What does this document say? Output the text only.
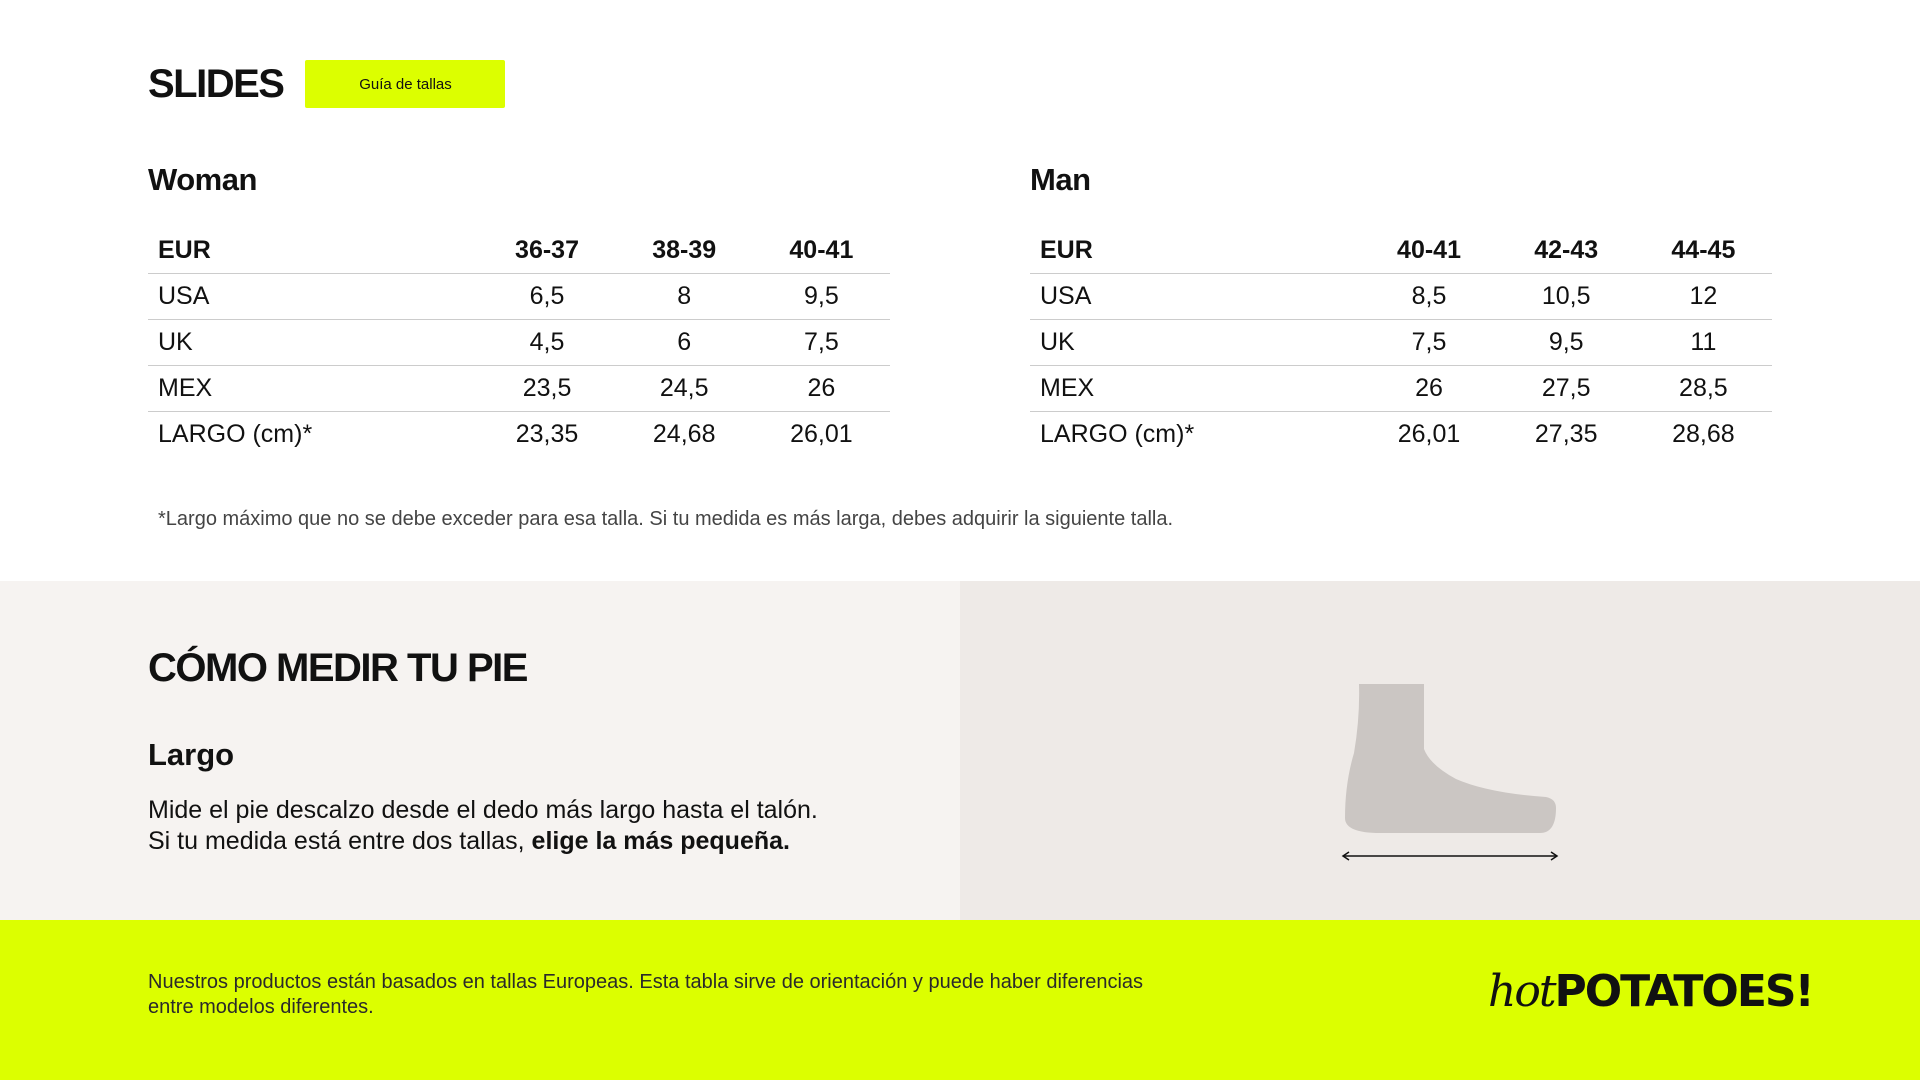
SLIDES	Guía de tallas
Woman
EUR	36-37	38-39	40-41
USA	6,5	8	9,5
UK	4,5	6	7,5
MEX	23,5	24,5	26
LARGO (cm)*	23,35	24,68	26,01
Man
EUR	40-41	42-43	44-45
USA	8,5	10,5	12
UK	7,5	9,5	11
MEX	26	27,5	28,5
LARGO (cm)*	26,01	27,35	28,68

*Largo máximo que no se debe exceder para esa talla. Si tu medida es más larga, debes adquirir la siguiente talla.

CÓMO MEDIR TU PIE
Largo

Mide el pie descalzo desde el dedo más largo hasta el talón.
Si tu medida está entre dos tallas, elige la más pequeña.

Nuestros productos están basados en tallas Europeas. Esta tabla sirve de orientación y puede haber diferencias entre modelos diferentes.	hot POTATOES!
